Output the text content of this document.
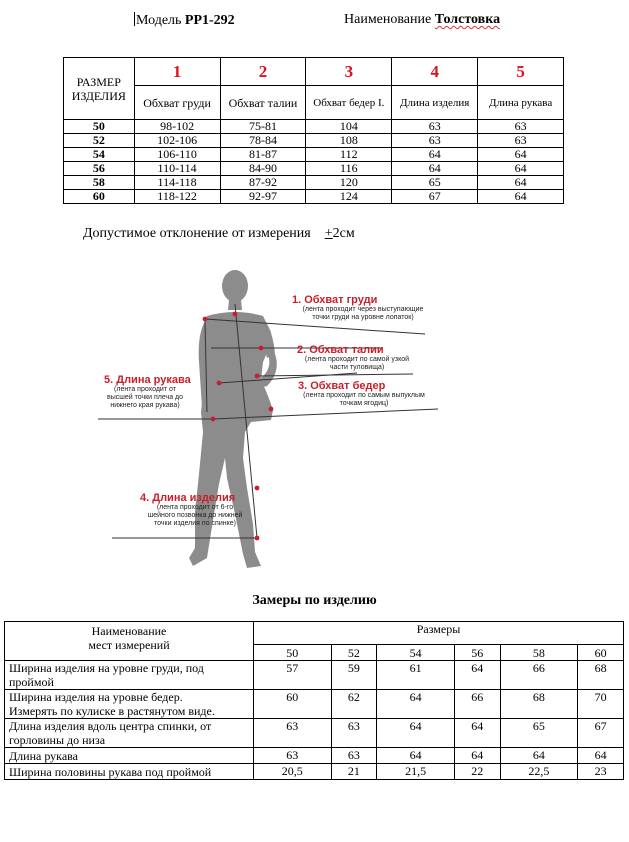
Модель PP1-292	Наименование Толстовка
РАЗМЕР ИЗДЕЛИЯ	1	2	3	4	5
	Обхват груди	Обхват талии	Обхват бедер I.	Длина изделия	Длина рукава
50	98-102	75-81	104	63	63
52	102-106	78-84	108	63	63
54	106-110	81-87	112	64	64
56	110-114	84-90	116	64	64
58	114-118	87-92	120	65	64
60	118-122	92-97	124	67	64
Допустимое отклонение от измерения +2см
1. Обхват груди
(лента проходит через выступающие
точки груди на уровне лопаток)
2. Обхват талии
(лента проходит по самой узкой
части туловища)
3. Обхват бедер
(лента проходит по самым выпуклым
точкам ягодиц)
5. Длина рукава
(лента проходит от
высшей точки плеча до
нижнего края рукава)
4. Длина изделия
(лента проходит от 6-го
шейного позвонка до нижней
точки изделия по спинке)
Замеры по изделию
Наименование
мест измерений	Размеры					
	50	52	54	56	58	60

Ширина изделия на уровне груди, под
проймой	57	59	61	64	66	68

Ширина изделия на уровне бедер.
Измерять по кулиске в растянутом виде.	60	62	64	66	68	70

Длина изделия вдоль центра спинки, от
горловины до низа	63	63	64	64	65	67

Длина рукава	63	63	64	64	64	64

Ширина половины рукава под проймой	20,5	21	21,5	22	22,5	23
